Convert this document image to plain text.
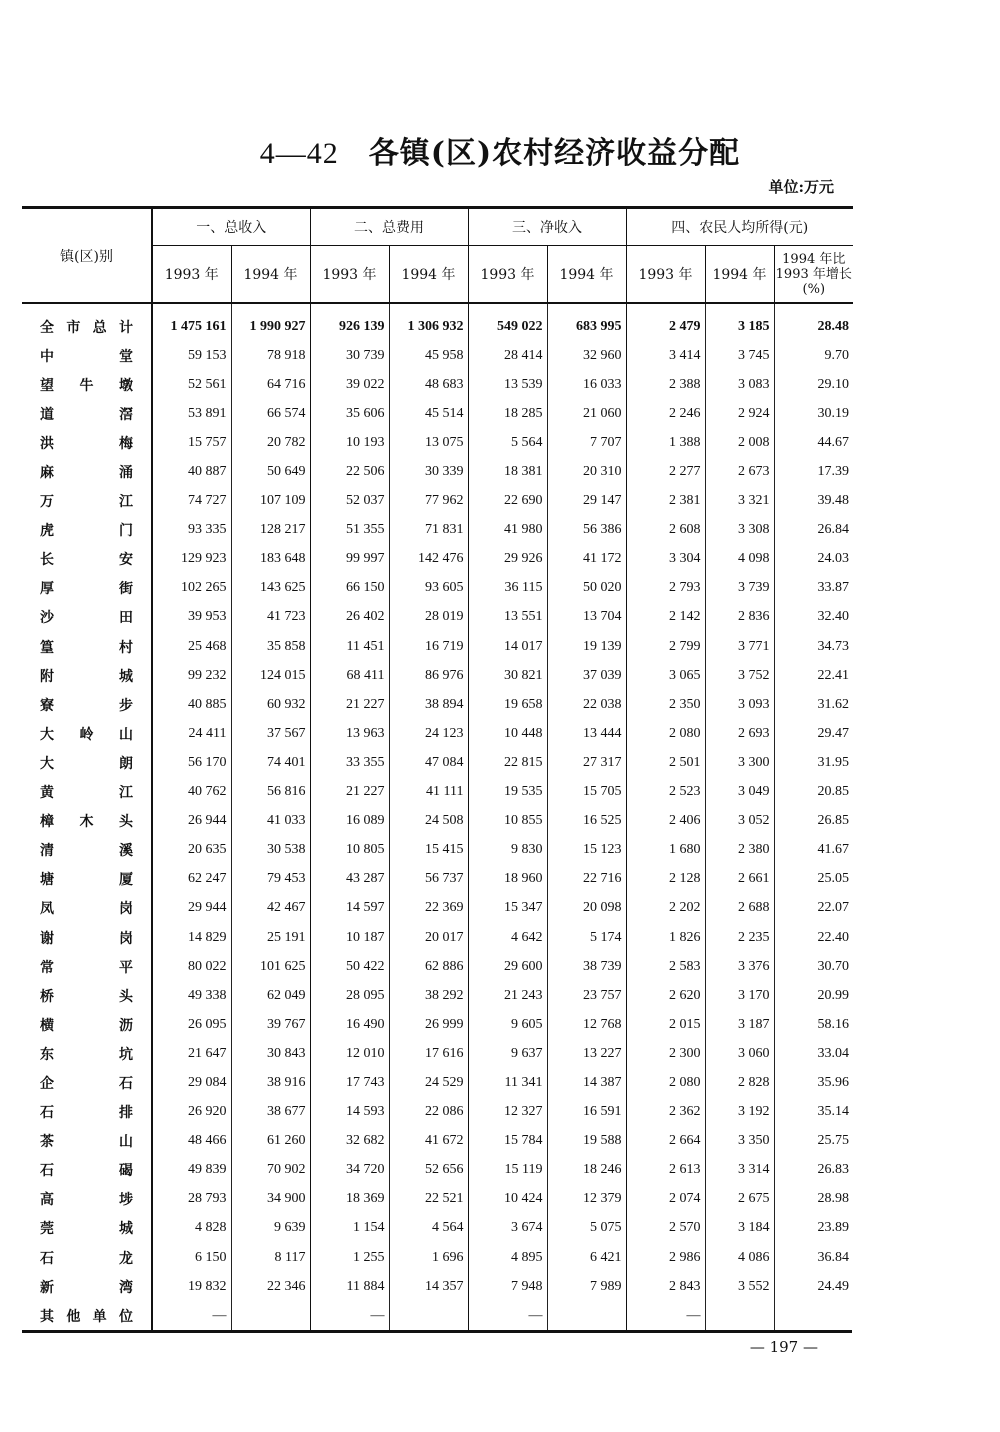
4—42 各镇(区)农村经济收益分配
单位:万元
镇(区)别	一、总收入		二、总费用		三、净收入		四、农民人均所得(元)		
	1993 年	1994 年	1993 年	1994 年	1993 年	1994 年	1993 年	1994 年	1994 年比1993 年增长(%)
全市总计	1 475 161	1 990 927	926 139	1 306 932	549 022	683 995	2 479	3 185	28.48
中堂	59 153	78 918	30 739	45 958	28 414	32 960	3 414	3 745	9.70
望牛墩	52 561	64 716	39 022	48 683	13 539	16 033	2 388	3 083	29.10
道滘	53 891	66 574	35 606	45 514	18 285	21 060	2 246	2 924	30.19
洪梅	15 757	20 782	10 193	13 075	5 564	7 707	1 388	2 008	44.67
麻涌	40 887	50 649	22 506	30 339	18 381	20 310	2 277	2 673	17.39
万江	74 727	107 109	52 037	77 962	22 690	29 147	2 381	3 321	39.48
虎门	93 335	128 217	51 355	71 831	41 980	56 386	2 608	3 308	26.84
长安	129 923	183 648	99 997	142 476	29 926	41 172	3 304	4 098	24.03
厚街	102 265	143 625	66 150	93 605	36 115	50 020	2 793	3 739	33.87
沙田	39 953	41 723	26 402	28 019	13 551	13 704	2 142	2 836	32.40
篁村	25 468	35 858	11 451	16 719	14 017	19 139	2 799	3 771	34.73
附城	99 232	124 015	68 411	86 976	30 821	37 039	3 065	3 752	22.41
寮步	40 885	60 932	21 227	38 894	19 658	22 038	2 350	3 093	31.62
大岭山	24 411	37 567	13 963	24 123	10 448	13 444	2 080	2 693	29.47
大朗	56 170	74 401	33 355	47 084	22 815	27 317	2 501	3 300	31.95
黄江	40 762	56 816	21 227	41 111	19 535	15 705	2 523	3 049	20.85
樟木头	26 944	41 033	16 089	24 508	10 855	16 525	2 406	3 052	26.85
清溪	20 635	30 538	10 805	15 415	9 830	15 123	1 680	2 380	41.67
塘厦	62 247	79 453	43 287	56 737	18 960	22 716	2 128	2 661	25.05
凤岗	29 944	42 467	14 597	22 369	15 347	20 098	2 202	2 688	22.07
谢岗	14 829	25 191	10 187	20 017	4 642	5 174	1 826	2 235	22.40
常平	80 022	101 625	50 422	62 886	29 600	38 739	2 583	3 376	30.70
桥头	49 338	62 049	28 095	38 292	21 243	23 757	2 620	3 170	20.99
横沥	26 095	39 767	16 490	26 999	9 605	12 768	2 015	3 187	58.16
东坑	21 647	30 843	12 010	17 616	9 637	13 227	2 300	3 060	33.04
企石	29 084	38 916	17 743	24 529	11 341	14 387	2 080	2 828	35.96
石排	26 920	38 677	14 593	22 086	12 327	16 591	2 362	3 192	35.14
茶山	48 466	61 260	32 682	41 672	15 784	19 588	2 664	3 350	25.75
石碣	49 839	70 902	34 720	52 656	15 119	18 246	2 613	3 314	26.83
高埗	28 793	34 900	18 369	22 521	10 424	12 379	2 074	2 675	28.98
莞城	4 828	9 639	1 154	4 564	3 674	5 075	2 570	3 184	23.89
石龙	6 150	8 117	1 255	1 696	4 895	6 421	2 986	4 086	36.84
新湾	19 832	22 346	11 884	14 357	7 948	7 989	2 843	3 552	24.49
其他单位	—		—		—		—		
— 197 —
